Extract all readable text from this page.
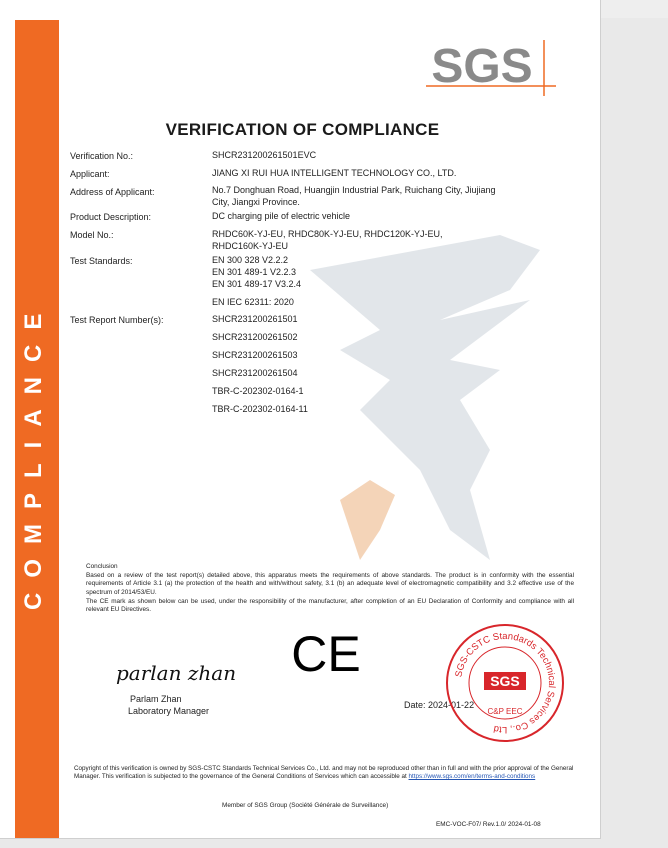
COMPLIANCE
SGS
VERIFICATION OF COMPLIANCE
Verification No.:	SHCR231200261501EVC
Applicant:	JIANG XI RUI HUA INTELLIGENT TECHNOLOGY CO., LTD.
Address of Applicant:	No.7 Donghuan Road, Huangjin Industrial Park, Ruichang City, Jiujiang
City, Jiangxi Province.
Product Description:	DC charging pile of electric vehicle
Model No.:	RHDC60K-YJ-EU, RHDC80K-YJ-EU, RHDC120K-YJ-EU,
RHDC160K-YJ-EU
Test Standards:	EN 300 328 V2.2.2
EN 301 489-1 V2.2.3
EN 301 489-17 V3.2.4
EN IEC 62311: 2020
Test Report Number(s):	SHCR231200261501
SHCR231200261502
SHCR231200261503
SHCR231200261504
TBR-C-202302-0164-1
TBR-C-202302-0164-11

Conclusion

Based on a review of the test report(s) detailed above, this apparatus meets the requirements of above standards. The product is in conformity with the essential requirements of Article 3.1 (a) the protection of the health and with/without safety, 3.1 (b) an adequate level of electromagnetic compatibility and 3.2 effective use of the spectrum of 2014/53/EU.

The CE mark as shown below can be used, under the responsibility of the manufacturer, after completion of an EU Declaration of Conformity and compliance with all relevant EU Directives.

CE
parlan zhan
Parlam Zhan
Laboratory Manager
Date: 2024-01-22
SGS-CSTC Standards Technical Services Co., Ltd
SGS
C&P EEC
Copyright of this verification is owned by SGS-CSTC Standards Technical Services Co., Ltd. and may not be reproduced other than in full and with the prior approval of the General Manager. This verification is subjected to the governance of the General Conditions of Services which can accessible at https://www.sgs.com/en/terms-and-conditions
Member of SGS Group (Société Générale de Surveillance)
EMC-VOC-F07/ Rev.1.0/ 2024-01-08
